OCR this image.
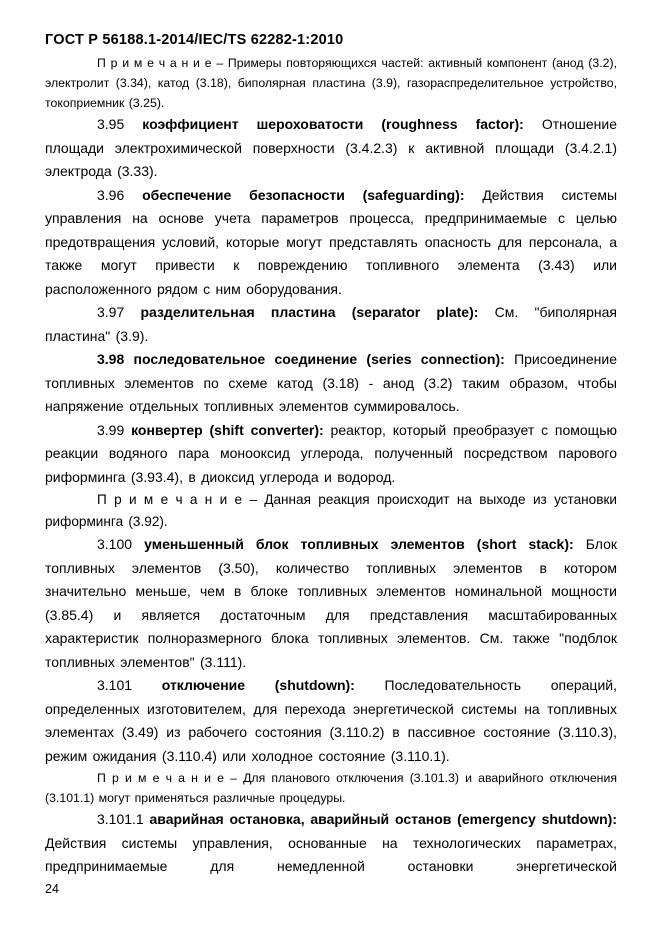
ГОСТ Р 56188.1-2014/IEC/TS 62282-1:2010

П р и м е ч а н и е – Примеры повторяющихся частей: активный компонент (анод (3.2), электролит (3.34), катод (3.18), биполярная пластина (3.9), газораспределительное устройство, токоприемник (3.25).

3.95 коэффициент шероховатости (roughness factor): Отношение площади электрохимической поверхности (3.4.2.3) к активной площади (3.4.2.1) электрода (3.33).

3.96 обеспечение безопасности (safeguarding): Действия системы управления на основе учета параметров процесса, предпринимаемые с целью предотвращения условий, которые могут представлять опасность для персонала, а также могут привести к повреждению топливного элемента (3.43) или расположенного рядом с ним оборудования.

3.97 разделительная пластина (separator plate): См. "биполярная пластина" (3.9).

3.98 последовательное соединение (series connection): Присоединение топливных элементов по схеме катод (3.18) - анод (3.2) таким образом, чтобы напряжение отдельных топливных элементов суммировалось.

3.99 конвертер (shift converter): реактор, который преобразует с помощью реакции водяного пара монооксид углерода, полученный посредством парового риформинга (3.93.4), в диоксид углерода и водород.

П р и м е ч а н и е – Данная реакция происходит на выходе из установки риформинга (3.92).

3.100 уменьшенный блок топливных элементов (short stack): Блок топливных элементов (3.50), количество топливных элементов в котором значительно меньше, чем в блоке топливных элементов номинальной мощности (3.85.4) и является достаточным для представления масштабированных характеристик полноразмерного блока топливных элементов. См. также "подблок топливных элементов" (3.111).

3.101 отключение (shutdown): Последовательность операций, определенных изготовителем, для перехода энергетической системы на топливных элементах (3.49) из рабочего состояния (3.110.2) в пассивное состояние (3.110.3), режим ожидания (3.110.4) или холодное состояние (3.110.1).

П р и м е ч а н и е – Для планового отключения (3.101.3) и аварийного отключения (3.101.1) могут применяться различные процедуры.

3.101.1 аварийная остановка, аварийный останов (emergency shutdown): Действия системы управления, основанные на технологических параметрах, предпринимаемые для немедленной остановки энергетической

24
